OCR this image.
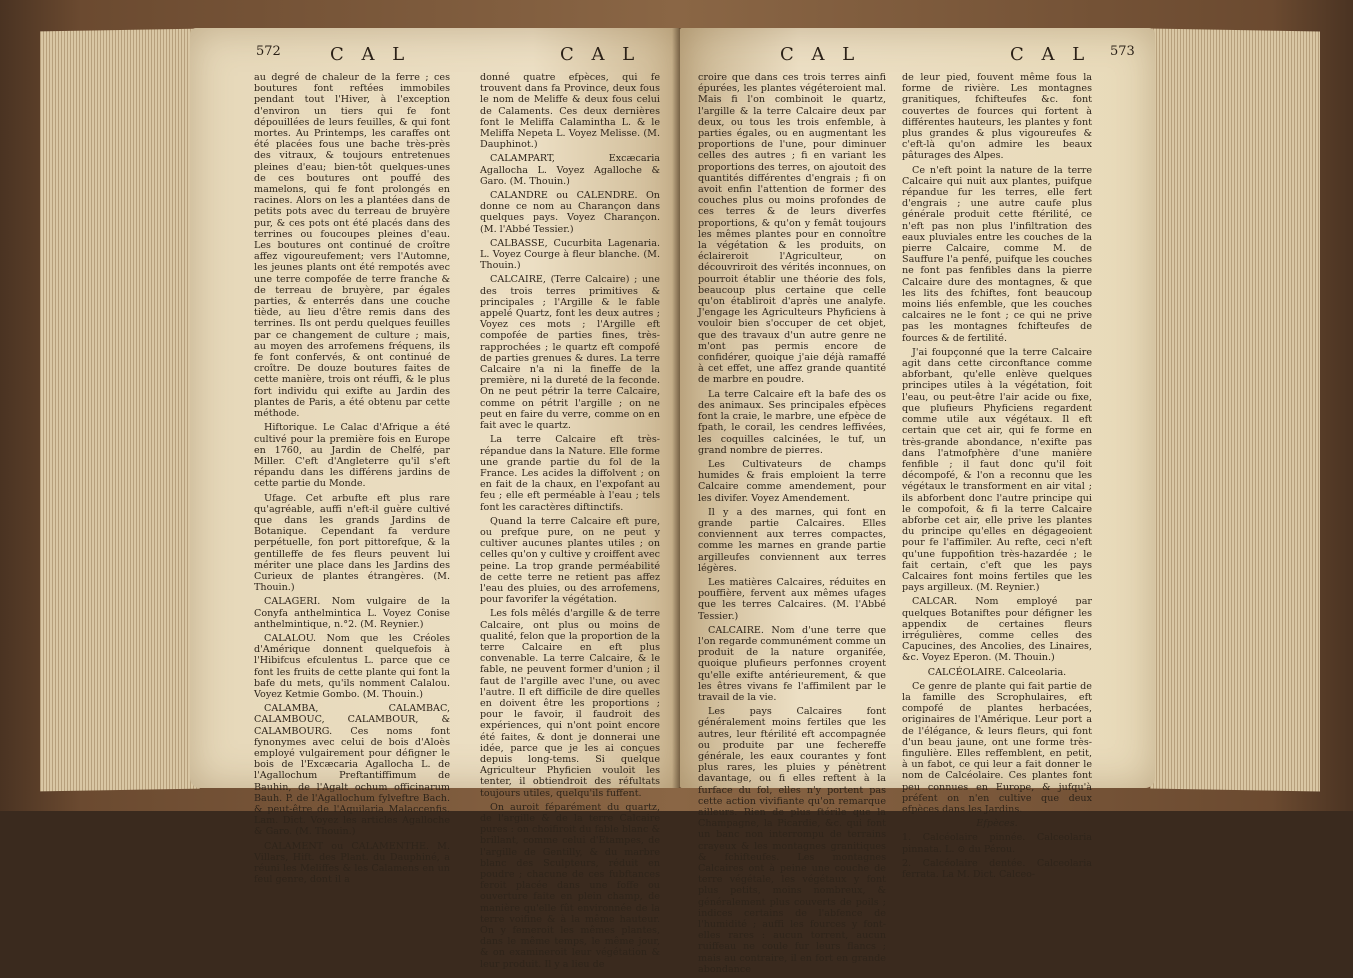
572	C A L	C A L

au degré de chaleur de la ferre ; ces boutures font reftées immobiles pendant tout l'Hiver, à l'exception d'environ un tiers qui fe font dépouillées de leurs feuilles, & qui font mortes. Au Printemps, les caraffes ont été placées fous une bache très-près des vitraux, & toujours entretenues pleines d'eau; bien-tôt quelques-unes de ces boutures ont pouffé des mamelons, qui fe font prolongés en racines. Alors on les a plantées dans de petits pots avec du terreau de bruyère pur, & ces pots ont été placés dans des terrines ou foucoupes pleines d'eau. Les boutures ont continué de croître affez vigoureufement; vers l'Automne, les jeunes plants ont été rempotés avec une terre compofée de terre franche & de terreau de bruyère, par égales parties, & enterrés dans une couche tiède, au lieu d'être remis dans des terrines. Ils ont perdu quelques feuilles par ce changement de culture ; mais, au moyen des arrofemens fréquens, ils fe font confervés, & ont continué de croître. De douze boutures faites de cette manière, trois ont réuffi, & le plus fort individu qui exifte au Jardin des plantes de Paris, a été obtenu par cette méthode.

Hiftorique. Le Calac d'Afrique a été cultivé pour la première fois en Europe en 1760, au Jardin de Chelfé, par Miller. C'eft d'Angleterre qu'il s'eft répandu dans les différens jardins de cette partie du Monde.

Ufage. Cet arbufte eft plus rare qu'agréable, auffi n'eft-il guère cultivé que dans les grands Jardins de Botanique. Cependant fa verdure perpétuelle, fon port pittorefque, & la gentilleffe de fes fleurs peuvent lui mériter une place dans les Jardins des Curieux de plantes étrangères. (M. Thouin.)

CALAGERI. Nom vulgaire de la Conyfa anthelmintica L. Voyez Conise anthelmintique, n.°2. (M. Reynier.)

CALALOU. Nom que les Créoles d'Amérique donnent quelquefois à l'Hibifcus efculentus L. parce que ce font les fruits de cette plante qui font la bafe du mets, qu'ils nomment Calalou. Voyez Ketmie Gombo. (M. Thouin.)

CALAMBA, CALAMBAC, CALAMBOUC, CALAMBOUR, & CALAMBOURG. Ces noms font fynonymes avec celui de bois d'Aloès employé vulgairement pour défigner le bois de l'Excæcaria Agallocha L. de l'Agallochum Preftantiffimum de Bauhin, de l'Agalt ochum officinarum Bauh. P. de l'Agallochum fylveftre Bach. & peut-être de l'Aquilaria Malaccenfis. Lam. Dict. Voyez les articles Agalloche & Garo. (M. Thouin.)

CALAMENT ou CALAMENTHE. M. Villars, Hift. des Plant. du Dauphiné, a réuni les Meliffes & les Calamens en un feul genre, dont il a

donné quatre efpèces, qui fe trouvent dans fa Province, deux fous le nom de Meliffe & deux fous celui de Calaments. Ces deux dernières font le Meliffa Calamintha L. & le Meliffa Nepeta L. Voyez Melisse. (M. Dauphinot.)

CALAMPART, Excæcaria Agallocha L. Voyez Agalloche & Garo. (M. Thouin.)

CALANDRE ou CALENDRE. On donne ce nom au Charançon dans quelques pays. Voyez Charançon. (M. l'Abbé Tessier.)

CALBASSE, Cucurbita Lagenaria. L. Voyez Courge à fleur blanche. (M. Thouin.)

CALCAIRE, (Terre Calcaire) ; une des trois terres primitives & principales ; l'Argille & le fable appelé Quartz, font les deux autres ; Voyez ces mots ; l'Argille eft compofée de parties fines, très-rapprochées ; le quartz eft compofé de parties grenues & dures. La terre Calcaire n'a ni la fineffe de la première, ni la dureté de la feconde. On ne peut pétrir la terre Calcaire, comme on pétrit l'argille ; on ne peut en faire du verre, comme on en fait avec le quartz.

La terre Calcaire eft très-répandue dans la Nature. Elle forme une grande partie du fol de la France. Les acides la diffolvent ; on en fait de la chaux, en l'expofant au feu ; elle eft perméable à l'eau ; tels font les caractères diftinctifs.

Quand la terre Calcaire eft pure, ou prefque pure, on ne peut y cultiver aucunes plantes utiles ; on celles qu'on y cultive y croiffent avec peine. La trop grande perméabilité de cette terre ne retient pas affez l'eau des pluies, ou des arrofemens, pour favorifer la végétation.

Les fols mêlés d'argille & de terre Calcaire, ont plus ou moins de qualité, felon que la proportion de la terre Calcaire en eft plus convenable. La terre Calcaire, & le fable, ne peuvent former d'union ; il faut de l'argille avec l'une, ou avec l'autre. Il eft difficile de dire quelles en doivent être les proportions ; pour le favoir, il faudroit des expériences, qui n'ont point encore été faites, & dont je donnerai une idée, parce que je les ai conçues depuis long-tems. Si quelque Agriculteur Phyficien vouloit les tenter, il obtiendroit des réfultats toujours utiles, quelqu'ils fuffent.

On auroit féparément du quartz, de l'argille & de la terre Calcaire pures : on choifiroit du fable blanc & brillant, comme celui d'Etampes, de l'argille de Gentilly, & du marbre blanc des Sculpteurs, réduit en poudre ; chacune de ces fubftances feroit placée dans une foffe ou ouverture faite en plein champ, de manière qu'elle fût environnée de la terre voifine & à la même hauteur. On y femeroit les mêmes plantes, dans le même temps, le même jour, & on examineroit leur végétation & leur produit. Il y a lieu de

C A L	C A L 573

croire que dans ces trois terres ainfi épurées, les plantes végéteroient mal. Mais fi l'on combinoit le quartz, l'argille & la terre Calcaire deux par deux, ou tous les trois enfemble, à parties égales, ou en augmentant les proportions de l'une, pour diminuer celles des autres ; fi en variant les proportions des terres, on ajoutoit des quantités différentes d'engrais ; fi on avoit enfin l'attention de former des couches plus ou moins profondes de ces terres & de leurs diverfes proportions, & qu'on y femât toujours les mêmes plantes pour en connoître la végétation & les produits, on éclaireroit l'Agriculteur, on découvriroit des vérités inconnues, on pourroit établir une théorie des fols, beaucoup plus certaine que celle qu'on établiroit d'après une analyfe. J'engage les Agriculteurs Phyficiens à vouloir bien s'occuper de cet objet, que des travaux d'un autre genre ne m'ont pas permis encore de confidérer, quoique j'aie déjà ramaffé à cet effet, une affez grande quantité de marbre en poudre.

La terre Calcaire eft la bafe des os des animaux. Ses principales efpèces font la craie, le marbre, une efpèce de fpath, le corail, les cendres leffivées, les coquilles calcinées, le tuf, un grand nombre de pierres.

Les Cultivateurs de champs humides & frais emploient la terre Calcaire comme amendement, pour les divifer. Voyez Amendement.

Il y a des marnes, qui font en grande partie Calcaires. Elles conviennent aux terres compactes, comme les marnes en grande partie argilleufes conviennent aux terres légères.

Les matières Calcaires, réduites en pouffière, fervent aux mêmes ufages que les terres Calcaires. (M. l'Abbé Tessier.)

CALCAIRE. Nom d'une terre que l'on regarde communément comme un produit de la nature organifée, quoique plufieurs perfonnes croyent qu'elle exifte antérieurement, & que les êtres vivans fe l'affimilent par le travail de la vie.

Les pays Calcaires font généralement moins fertiles que les autres, leur ftérilité eft accompagnée ou produite par une fechereffe générale, les eaux courantes y font plus rares, les pluies y pénètrent davantage, ou fi elles reftent à la furface du fol, elles n'y portent pas cette action vivifiante qu'on remarque ailleurs. Rien de plus ftérile que la Champagne, la Picardie, &c. qui font un banc non interrompu de terrains crayeux & les montagnes granitiques & fchifteufes. Les montagnes Calcaires ont à peine une couche de terre végétale, les végétaux y font plus petits, moins nombreux, & généralement plus couverts de poils ; indices certains de l'abfence de l'humidité ; auffi les fources y font-elles rares : aucun torrent, aucun ruiffeau ne coule fur leurs flancs ; mais au contraire, il en fort en grande abondance

de leur pied, fouvent même fous la forme de rivière. Les montagnes granitiques, fchifteufes &c. font couvertes de fources qui fortent à différentes hauteurs, les plantes y font plus grandes & plus vigoureufes & c'eft-là qu'on admire les beaux pâturages des Alpes.

Ce n'eft point la nature de la terre Calcaire qui nuit aux plantes, puifque répandue fur les terres, elle fert d'engrais ; une autre caufe plus générale produit cette ftérilité, ce n'eft pas non plus l'infiltration des eaux pluviales entre les couches de la pierre Calcaire, comme M. de Sauffure l'a penfé, puifque les couches ne font pas fenfibles dans la pierre Calcaire dure des montagnes, & que les lits des fchiftes, font beaucoup moins liés enfemble, que les couches calcaires ne le font ; ce qui ne prive pas les montagnes fchifteufes de fources & de fertilité.

J'ai foupçonné que la terre Calcaire agit dans cette circonftance comme abforbant, qu'elle enlève quelques principes utiles à la végétation, foit l'eau, ou peut-être l'air acide ou fixe, que plufieurs Phyficiens regardent comme utile aux végétaux. Il eft certain que cet air, qui fe forme en très-grande abondance, n'exifte pas dans l'atmofphère d'une manière fenfible ; il faut donc qu'il foit décompofé, & l'on a reconnu que les végétaux le transforment en air vital ; ils abforbent donc l'autre principe qui le compofoit, & fi la terre Calcaire abforbe cet air, elle prive les plantes du principe qu'elles en dégageoient pour fe l'affimiler. Au refte, ceci n'eft qu'une fuppofition très-hazardée ; le fait certain, c'eft que les pays Calcaires font moins fertiles que les pays argilleux. (M. Reynier.)

CALCAR. Nom employé par quelques Botaniftes pour défigner les appendix de certaines fleurs irrégulières, comme celles des Capucines, des Ancolies, des Linaires, &c. Voyez Eperon. (M. Thouin.)

CALCÉOLAIRE. Calceolaria.

Ce genre de plante qui fait partie de la famille des Scrophulaires, eft compofé de plantes herbacées, originaires de l'Amérique. Leur port a de l'élégance, & leurs fleurs, qui font d'un beau jaune, ont une forme très-fingulière. Elles reffemblent, en petit, à un fabot, ce qui leur a fait donner le nom de Calcéolaire. Ces plantes font peu connues en Europe, & jufqu'à préfent on n'en cultive que deux efpèces dans les Jardins.

Efpèces.

1. Calcéolaire pinnée. Calceolaria pinnata. L. ⊙ du Pérou.

2. Calcéolaire dentée. Calceolaria ferrata. La M. Dict. Calceo-
